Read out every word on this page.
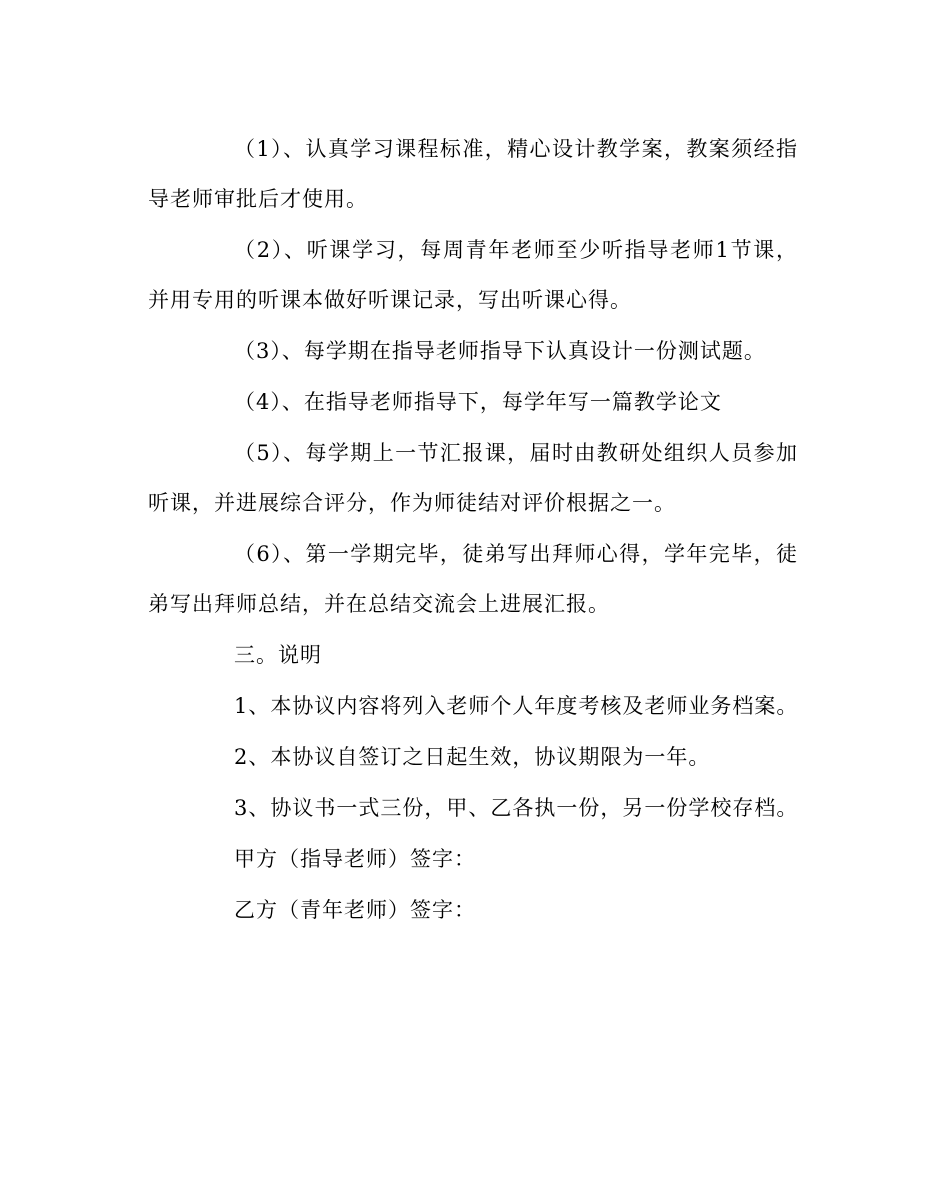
（1）、认真学习课程标准，精心设计教学案，教案须经指导老师审批后才使用。

（2）、听课学习，每周青年老师至少听指导老师1节课，并用专用的听课本做好听课记录，写出听课心得。

（3）、每学期在指导老师指导下认真设计一份测试题。

（4）、在指导老师指导下，每学年写一篇教学论文

（5）、每学期上一节汇报课，届时由教研处组织人员参加听课，并进展综合评分，作为师徒结对评价根据之一。

（6）、第一学期完毕，徒弟写出拜师心得，学年完毕，徒弟写出拜师总结，并在总结交流会上进展汇报。

三。说明

1、本协议内容将列入老师个人年度考核及老师业务档案。

2、本协议自签订之日起生效，协议期限为一年。

3、协议书一式三份，甲、乙各执一份，另一份学校存档。

甲方（指导老师）签字：

乙方（青年老师）签字：
